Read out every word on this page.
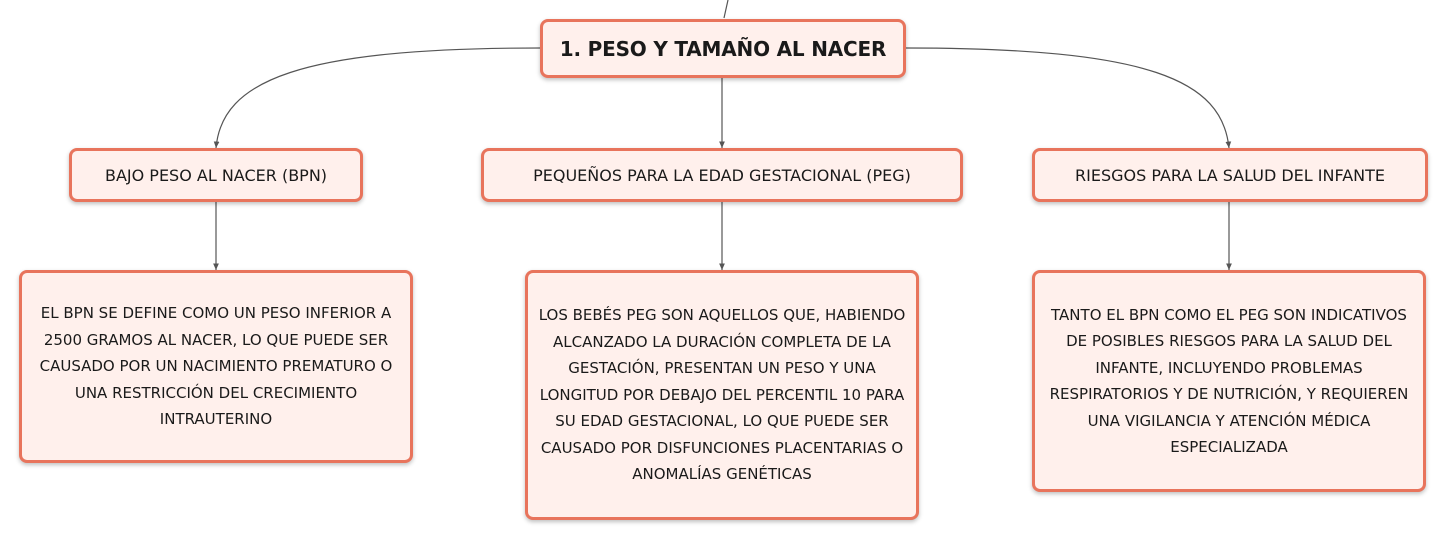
1. PESO Y TAMAÑO AL NACER
BAJO PESO AL NACER (BPN)	PEQUEÑOS PARA LA EDAD GESTACIONAL (PEG)	RIESGOS PARA LA SALUD DEL INFANTE
EL BPN SE DEFINE COMO UN PESO INFERIOR A 2500 GRAMOS AL NACER, LO QUE PUEDE SER CAUSADO POR UN NACIMIENTO PREMATURO O UNA RESTRICCIÓN DEL CRECIMIENTO INTRAUTERINO
LOS BEBÉS PEG SON AQUELLOS QUE, HABIENDO ALCANZADO LA DURACIÓN COMPLETA DE LA GESTACIÓN, PRESENTAN UN PESO Y UNA LONGITUD POR DEBAJO DEL PERCENTIL 10 PARA SU EDAD GESTACIONAL, LO QUE PUEDE SER CAUSADO POR DISFUNCIONES PLACENTARIAS O ANOMALÍAS GENÉTICAS
TANTO EL BPN COMO EL PEG SON INDICATIVOS DE POSIBLES RIESGOS PARA LA SALUD DEL INFANTE, INCLUYENDO PROBLEMAS RESPIRATORIOS Y DE NUTRICIÓN, Y REQUIEREN UNA VIGILANCIA Y ATENCIÓN MÉDICA ESPECIALIZADA
